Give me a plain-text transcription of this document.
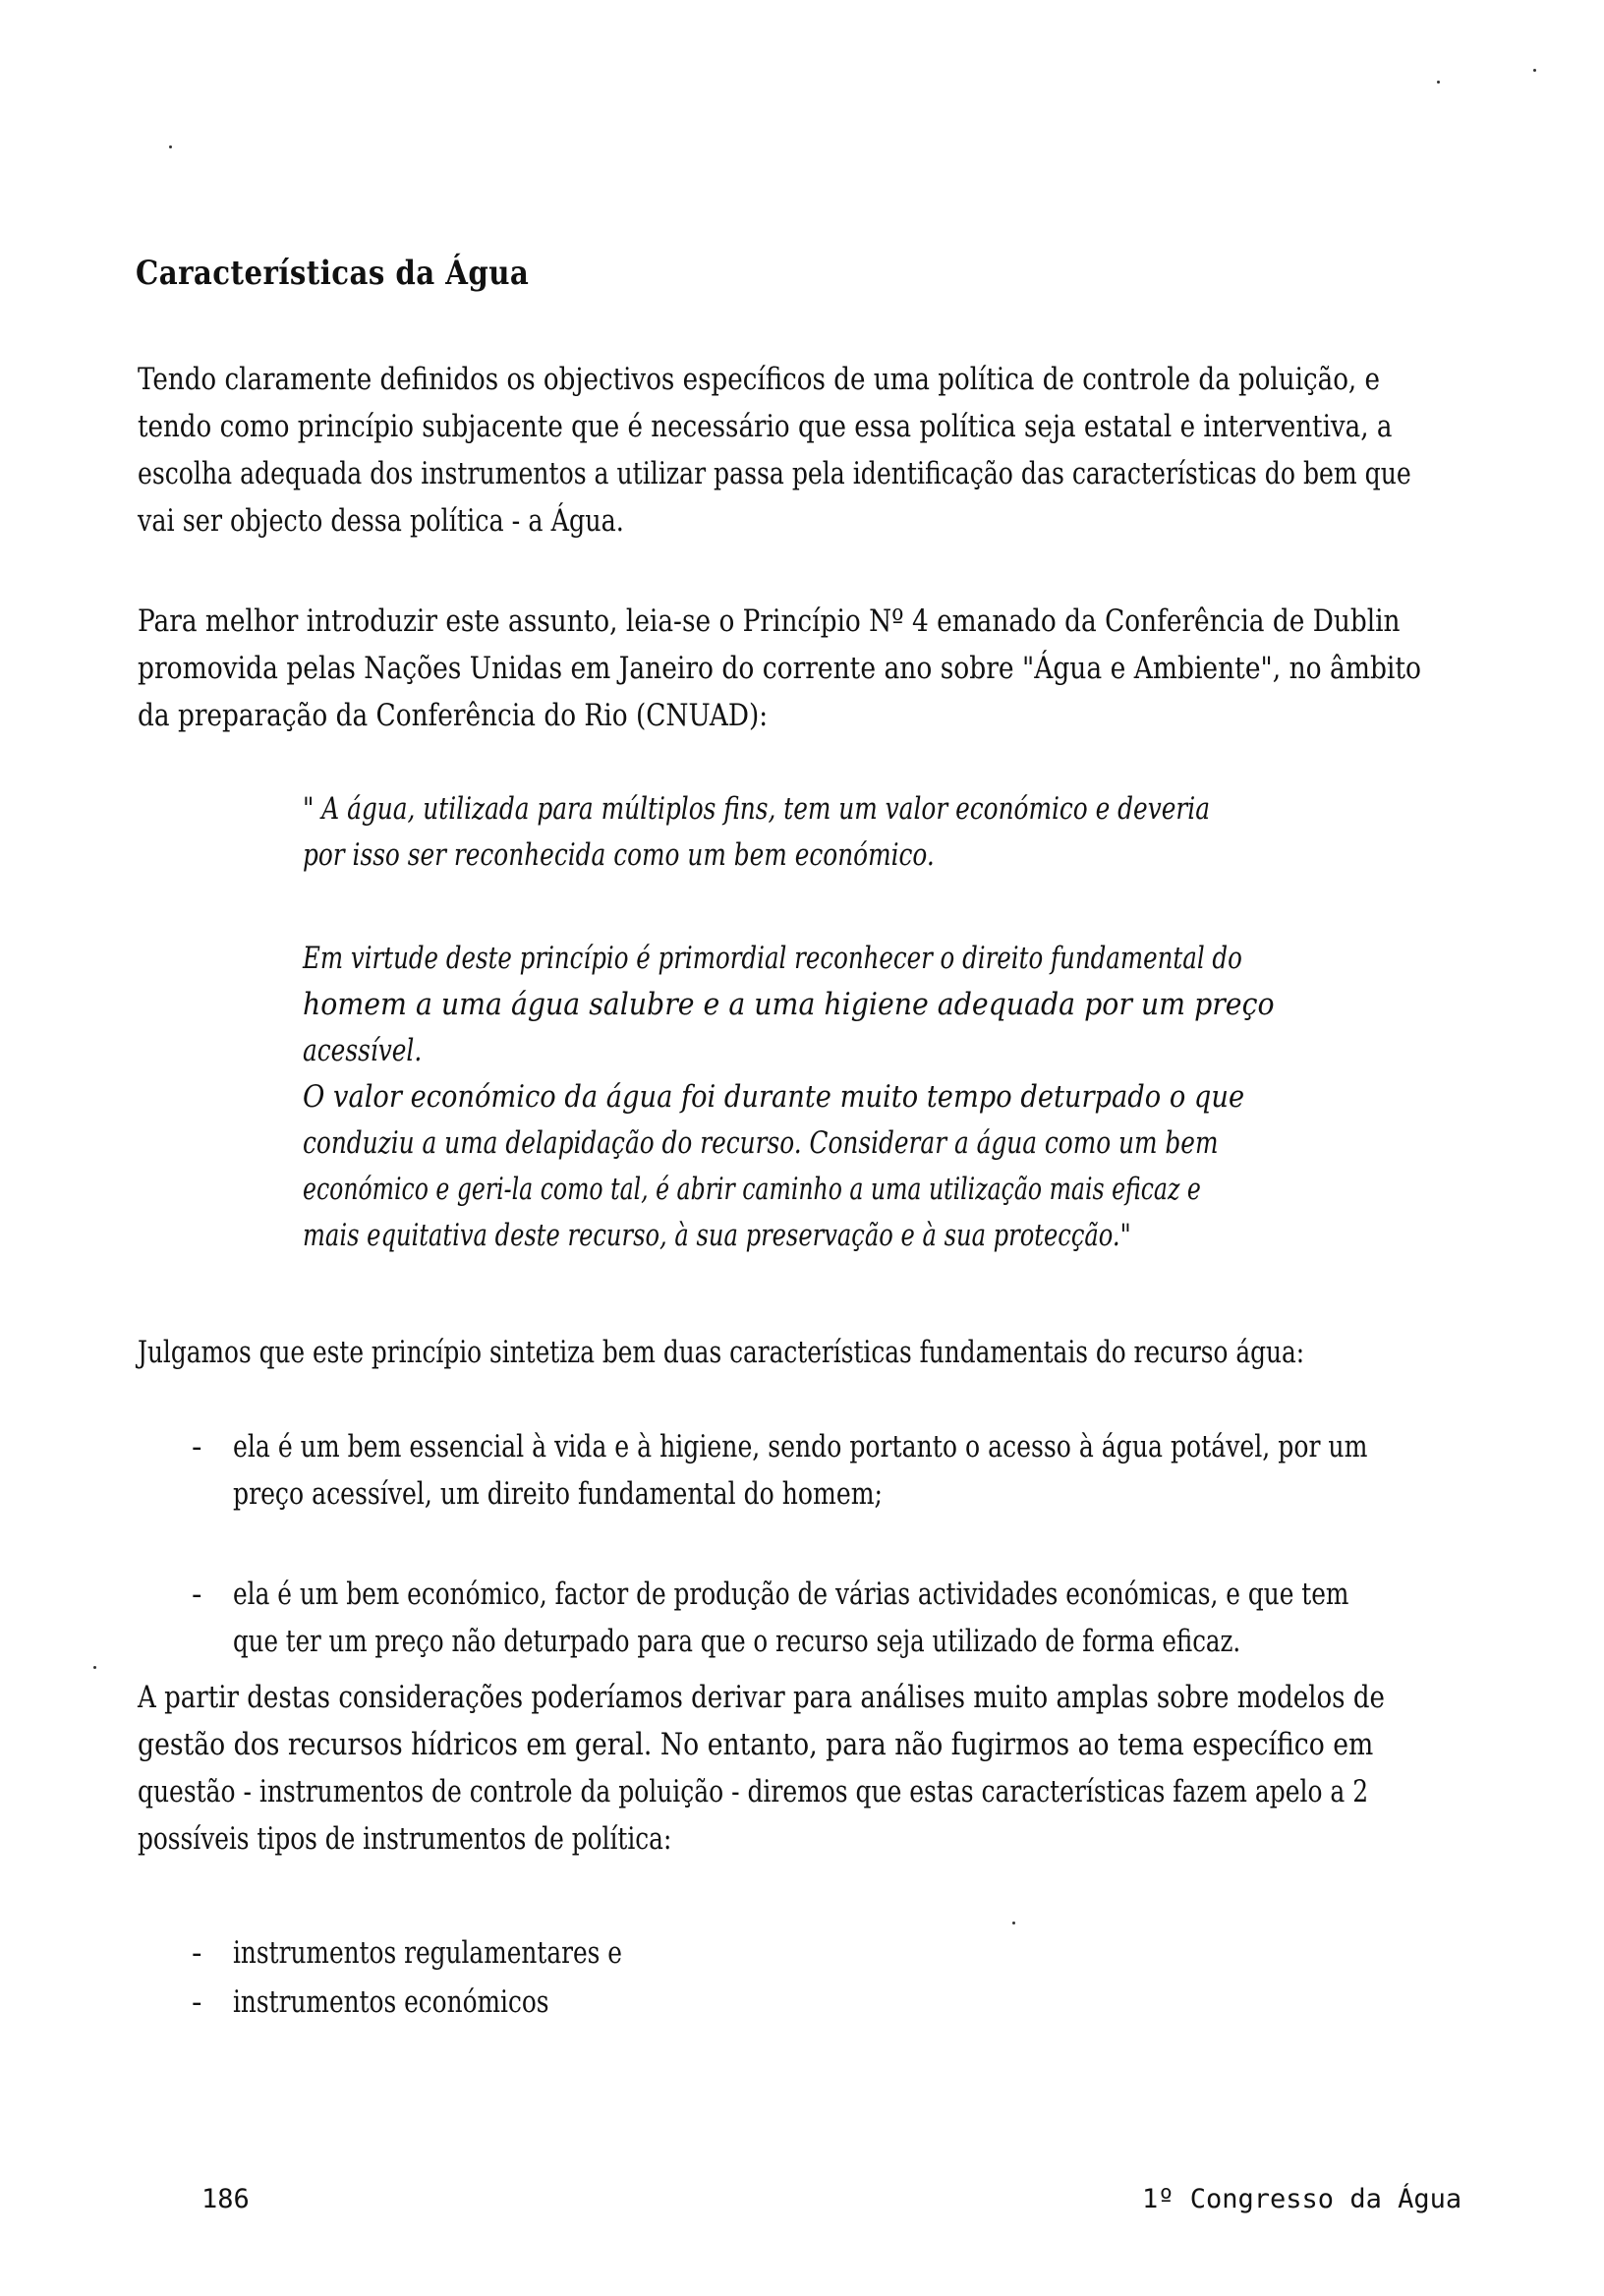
Características da Água
Tendo claramente definidos os objectivos específicos de uma política de controle da poluição, e
tendo como princípio subjacente que é necessário que essa política seja estatal e interventiva, a
escolha adequada dos instrumentos a utilizar passa pela identificação das características do bem que
vai ser objecto dessa política - a Água.
Para melhor introduzir este assunto, leia-se o Princípio Nº 4 emanado da Conferência de Dublin
promovida pelas Nações Unidas em Janeiro do corrente ano sobre "Água e Ambiente", no âmbito
da preparação da Conferência do Rio (CNUAD):
" A água, utilizada para múltiplos fins, tem um valor económico e deveria
por isso ser reconhecida como um bem económico.
Em virtude deste princípio é primordial reconhecer o direito fundamental do
homem a uma água salubre e a uma higiene adequada por um preço
acessível.
O valor económico da água foi durante muito tempo deturpado o que
conduziu a uma delapidação do recurso. Considerar a água como um bem
económico e geri-la como tal, é abrir caminho a uma utilização mais eficaz e
mais equitativa deste recurso, à sua preservação e à sua protecção."
Julgamos que este princípio sintetiza bem duas características fundamentais do recurso água:
- ela é um bem essencial à vida e à higiene, sendo portanto o acesso à água potável, por um
preço acessível, um direito fundamental do homem;
- ela é um bem económico, factor de produção de várias actividades económicas, e que tem
que ter um preço não deturpado para que o recurso seja utilizado de forma eficaz.
A partir destas considerações poderíamos derivar para análises muito amplas sobre modelos de
gestão dos recursos hídricos em geral. No entanto, para não fugirmos ao tema específico em
questão - instrumentos de controle da poluição - diremos que estas características fazem apelo a 2
possíveis tipos de instrumentos de política:
- instrumentos regulamentares e
- instrumentos económicos
186	1º Congresso da Água
